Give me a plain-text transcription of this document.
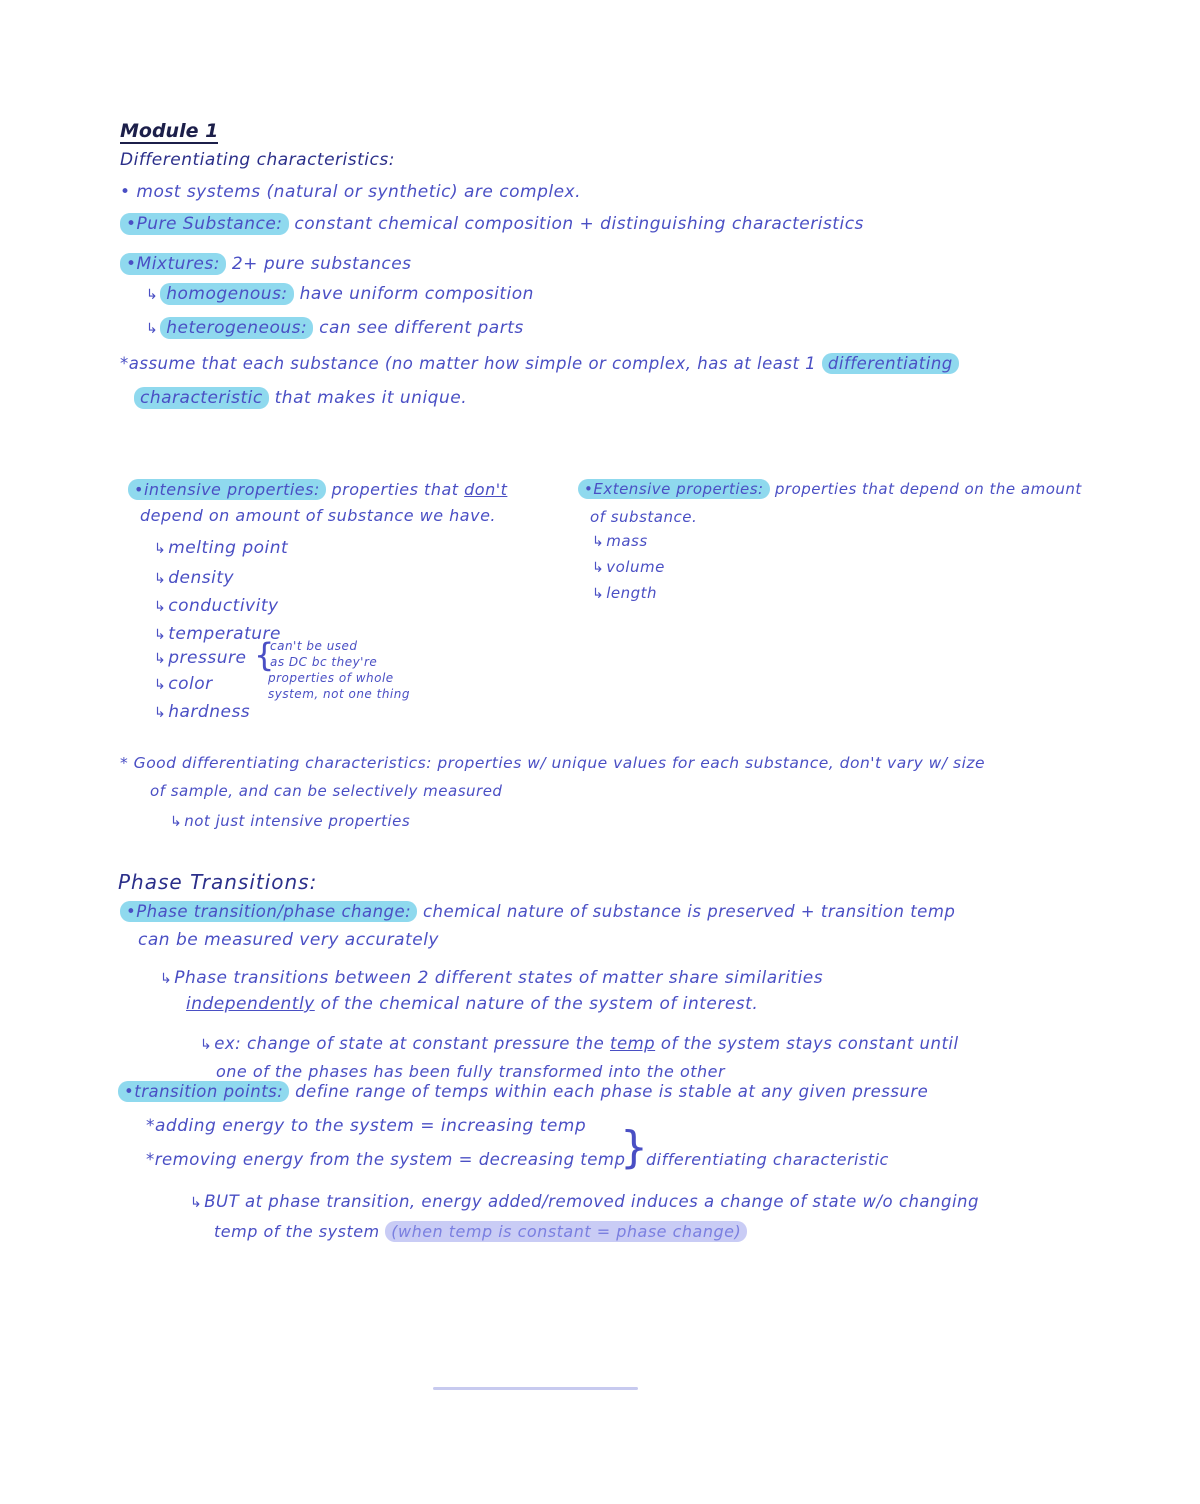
Module 1
Differentiating characteristics:
• most systems (natural or synthetic) are complex.
•Pure Substance: constant chemical composition + distinguishing characteristics
•Mixtures: 2+ pure substances
↳ homogenous: have uniform composition
↳ heterogeneous: can see different parts
*assume that each substance (no matter how simple or complex, has at least 1 differentiating
characteristic that makes it unique.
•intensive properties: properties that don't
depend on amount of substance we have.
↳ melting point
↳ density
↳ conductivity
↳ temperature
↳ pressure
↳ color
↳ hardness
{
can't be used
as DC bc they're
properties of whole
system, not one thing
•Extensive properties: properties that depend on the amount
of substance.
↳ mass
↳ volume
↳ length
* Good differentiating characteristics: properties w/ unique values for each substance, don't vary w/ size
of sample, and can be selectively measured
↳ not just intensive properties
Phase Transitions:
•Phase transition/phase change: chemical nature of substance is preserved + transition temp
can be measured very accurately
↳ Phase transitions between 2 different states of matter share similarities
independently of the chemical nature of the system of interest.
↳ ex: change of state at constant pressure the temp of the system stays constant until
one of the phases has been fully transformed into the other
•transition points: define range of temps within each phase is stable at any given pressure
*adding energy to the system = increasing temp
*removing energy from the system = decreasing temp
}
differentiating characteristic
↳ BUT at phase transition, energy added/removed induces a change of state w/o changing
temp of the system (when temp is constant = phase change)
